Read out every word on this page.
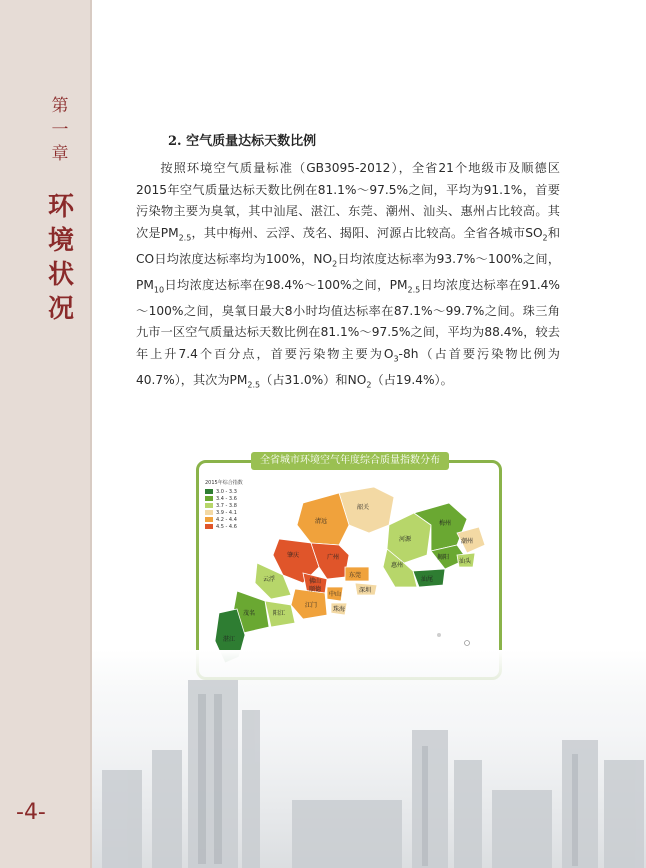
第一章
环境状况
-4-
2. 空气质量达标天数比例

按照环境空气质量标准（GB3095-2012），全省21个地级市及顺德区2015年空气质量达标天数比例在81.1%～97.5%之间，平均为91.1%，首要污染物主要为臭氧，其中汕尾、湛江、东莞、潮州、汕头、惠州占比较高。其次是$PM_{2.5}$，其中梅州、云浮、茂名、揭阳、河源占比较高。全省各城市$SO_2$和CO日均浓度达标率均为100%，$NO_2$日均浓度达标率为93.7%～100%之间，$PM_{10}$日均浓度达标率在98.4%～100%之间，$PM_{2.5}$日均浓度达标率在91.4%～100%之间，臭氧日最大8小时均值达标率在87.1%～99.7%之间。珠三角九市一区空气质量达标天数比例在81.1%～97.5%之间，平均为88.4%，较去年上升7.4个百分点，首要污染物主要为$O_3-8h$（占首要污染物比例为40.7%），其次为$PM_{2.5}$（占31.0%）和$NO_2$（占19.4%）。

全省城市环境空气年度综合质量指数分布
韶关
清远
河源
梅州
潮州
揭阳
汕头
汕尾
惠州
肇庆	广州
佛山
顺德
东莞
深圳
中山
珠海
江门
云浮
茂名	阳江
湛江
2015年综合指数
3.0 - 3.3
3.4 - 3.6
3.7 - 3.8
3.9 - 4.1
4.2 - 4.4
4.5 - 4.6
